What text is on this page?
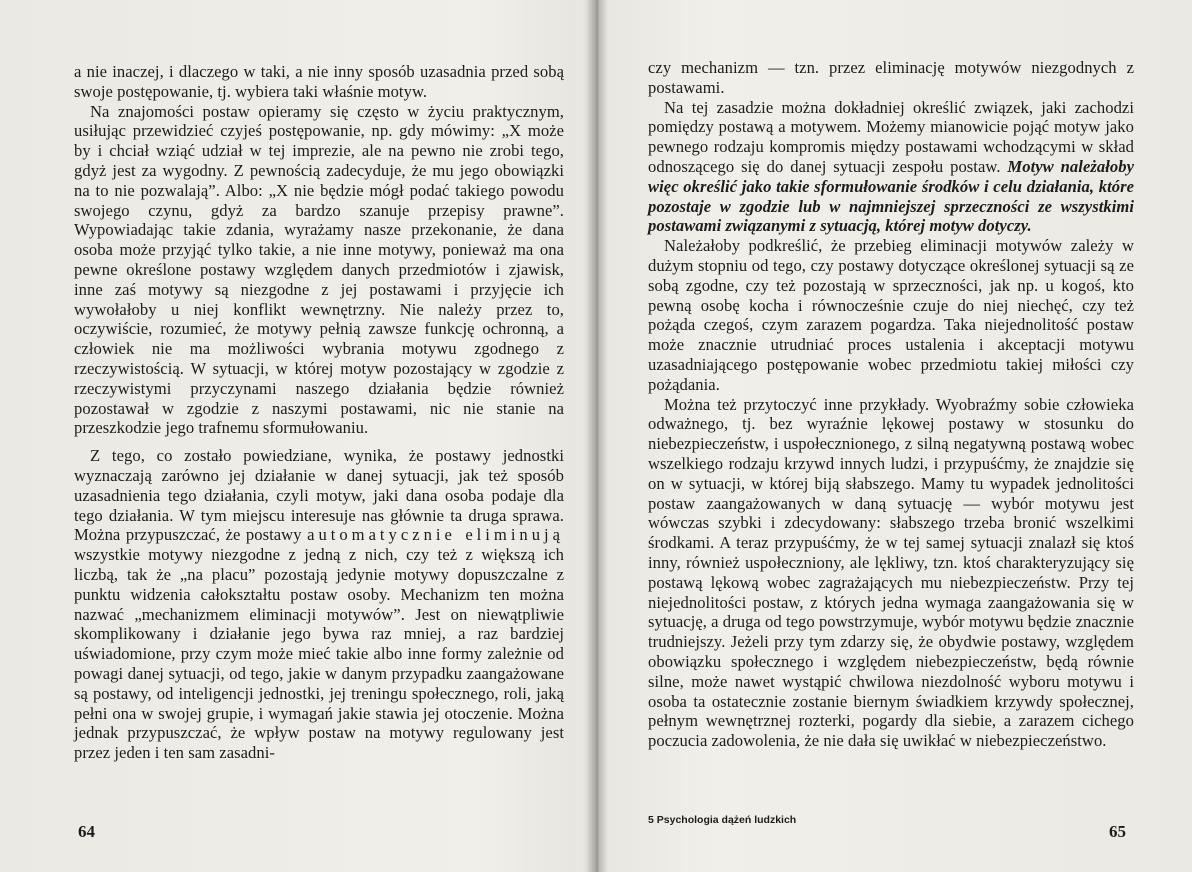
a nie inaczej, i dlaczego w taki, a nie inny sposób uzasadnia przed sobą swoje postępowanie, tj. wybiera taki właśnie motyw.

Na znajomości postaw opieramy się często w życiu praktycznym, usiłując przewidzieć czyjeś postępowanie, np. gdy mówimy: „X może by i chciał wziąć udział w tej imprezie, ale na pewno nie zrobi tego, gdyż jest za wygodny. Z pewnością zadecyduje, że mu jego obowiązki na to nie pozwalają”. Albo: „X nie będzie mógł podać takiego powodu swojego czynu, gdyż za bardzo szanuje przepisy prawne”. Wypowiadając takie zdania, wyrażamy nasze przekonanie, że dana osoba może przyjąć tylko takie, a nie inne motywy, ponieważ ma ona pewne określone postawy względem danych przedmiotów i zjawisk, inne zaś motywy są niezgodne z jej postawami i przyjęcie ich wywołałoby u niej konflikt wewnętrzny. Nie należy przez to, oczywiście, rozumieć, że motywy pełnią zawsze funkcję ochronną, a człowiek nie ma możliwości wybrania motywu zgodnego z rzeczywistością. W sytuacji, w której motyw pozostający w zgodzie z rzeczywistymi przyczynami naszego działania będzie również pozostawał w zgodzie z naszymi postawami, nic nie stanie na przeszkodzie jego trafnemu sformułowaniu.

Z tego, co zostało powiedziane, wynika, że postawy jednostki wyznaczają zarówno jej działanie w danej sytuacji, jak też sposób uzasadnienia tego działania, czyli motyw, jaki dana osoba podaje dla tego działania. W tym miejscu interesuje nas głównie ta druga sprawa. Można przypuszczać, że postawy automatycznie eliminują wszystkie motywy niezgodne z jedną z nich, czy też z większą ich liczbą, tak że „na placu” pozostają jedynie motywy dopuszczalne z punktu widzenia całokształtu postaw osoby. Mechanizm ten można nazwać „mechanizmem eliminacji motywów”. Jest on niewątpliwie skomplikowany i działanie jego bywa raz mniej, a raz bardziej uświadomione, przy czym może mieć takie albo inne formy zależnie od powagi danej sytuacji, od tego, jakie w danym przypadku zaangażowane są postawy, od inteligencji jednostki, jej treningu społecznego, roli, jaką pełni ona w swojej grupie, i wymagań jakie stawia jej otoczenie. Można jednak przypuszczać, że wpływ postaw na motywy regulowany jest przez jeden i ten sam zasadni-

64

czy mechanizm — tzn. przez eliminację motywów niezgodnych z postawami.

Na tej zasadzie można dokładniej określić związek, jaki zachodzi pomiędzy postawą a motywem. Możemy mianowicie pojąć motyw jako pewnego rodzaju kompromis między postawami wchodzącymi w skład odnoszącego się do danej sytuacji zespołu postaw. Motyw należałoby więc określić jako takie sformułowanie środków i celu działania, które pozostaje w zgodzie lub w najmniejszej sprzeczności ze wszystkimi postawami związanymi z sytuacją, której motyw dotyczy.

Należałoby podkreślić, że przebieg eliminacji motywów zależy w dużym stopniu od tego, czy postawy dotyczące określonej sytuacji są ze sobą zgodne, czy też pozostają w sprzeczności, jak np. u kogoś, kto pewną osobę kocha i równocześnie czuje do niej niechęć, czy też pożąda czegoś, czym zarazem pogardza. Taka niejednolitość postaw może znacznie utrudniać proces ustalenia i akceptacji motywu uzasadniającego postępowanie wobec przedmiotu takiej miłości czy pożądania.

Można też przytoczyć inne przykłady. Wyobraźmy sobie człowieka odważnego, tj. bez wyraźnie lękowej postawy w stosunku do niebezpieczeństw, i uspołecznionego, z silną negatywną postawą wobec wszelkiego rodzaju krzywd innych ludzi, i przypuśćmy, że znajdzie się on w sytuacji, w której biją słabszego. Mamy tu wypadek jednolitości postaw zaangażowanych w daną sytuację — wybór motywu jest wówczas szybki i zdecydowany: słabszego trzeba bronić wszelkimi środkami. A teraz przypuśćmy, że w tej samej sytuacji znalazł się ktoś inny, również uspołeczniony, ale lękliwy, tzn. ktoś charakteryzujący się postawą lękową wobec zagrażających mu niebezpieczeństw. Przy tej niejednolitości postaw, z których jedna wymaga zaangażowania się w sytuację, a druga od tego powstrzymuje, wybór motywu będzie znacznie trudniejszy. Jeżeli przy tym zdarzy się, że obydwie postawy, względem obowiązku społecznego i względem niebezpieczeństw, będą równie silne, może nawet wystąpić chwilowa niezdolność wyboru motywu i osoba ta ostatecznie zostanie biernym świadkiem krzywdy społecznej, pełnym wewnętrznej rozterki, pogardy dla siebie, a zarazem cichego poczucia zadowolenia, że nie dała się uwikłać w niebezpieczeństwo.

5 Psychologia dążeń ludzkich
65
